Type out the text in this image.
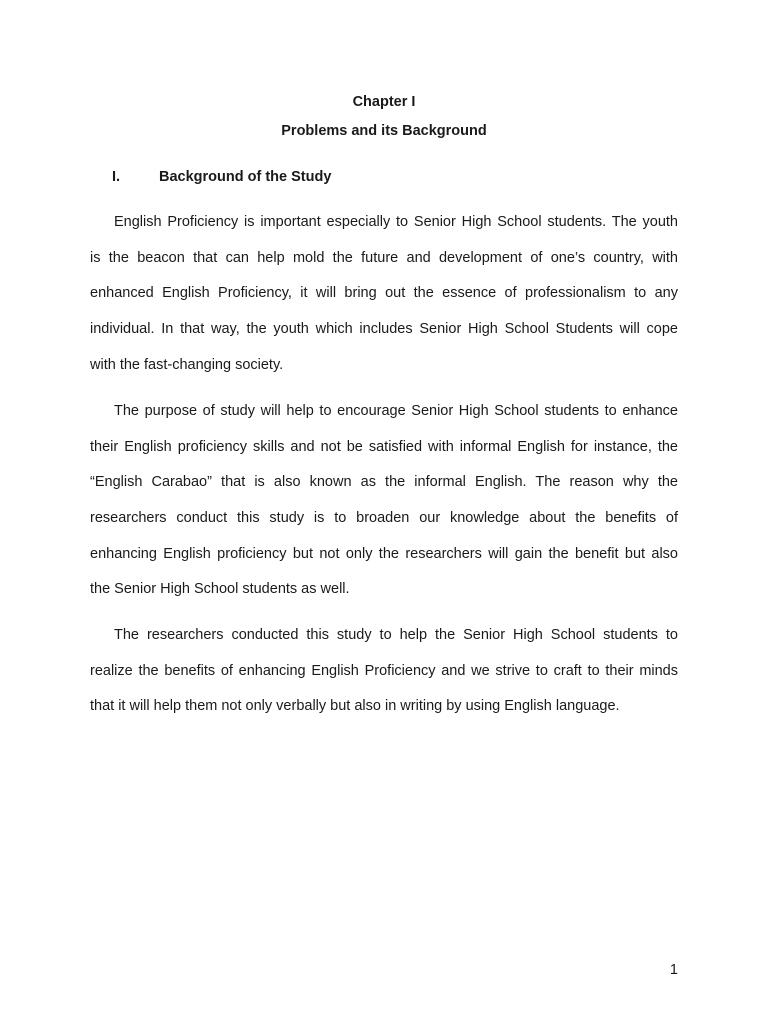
Chapter I
Problems and its Background
I.	Background of the Study
English Proficiency is important especially to Senior High School students. The youth
is the beacon that can help mold the future and development of one’s country, with
enhanced English Proficiency, it will bring out the essence of professionalism to any
individual. In that way, the youth which includes Senior High School Students will cope
with the fast-changing society.
The purpose of study will help to encourage Senior High School students to enhance
their English proficiency skills and not be satisfied with informal English for instance, the
“English Carabao” that is also known as the informal English. The reason why the
researchers conduct this study is to broaden our knowledge about the benefits of
enhancing English proficiency but not only the researchers will gain the benefit but also
the Senior High School students as well.
The researchers conducted this study to help the Senior High School students to
realize the benefits of enhancing English Proficiency and we strive to craft to their minds
that it will help them not only verbally but also in writing by using English language.
1
